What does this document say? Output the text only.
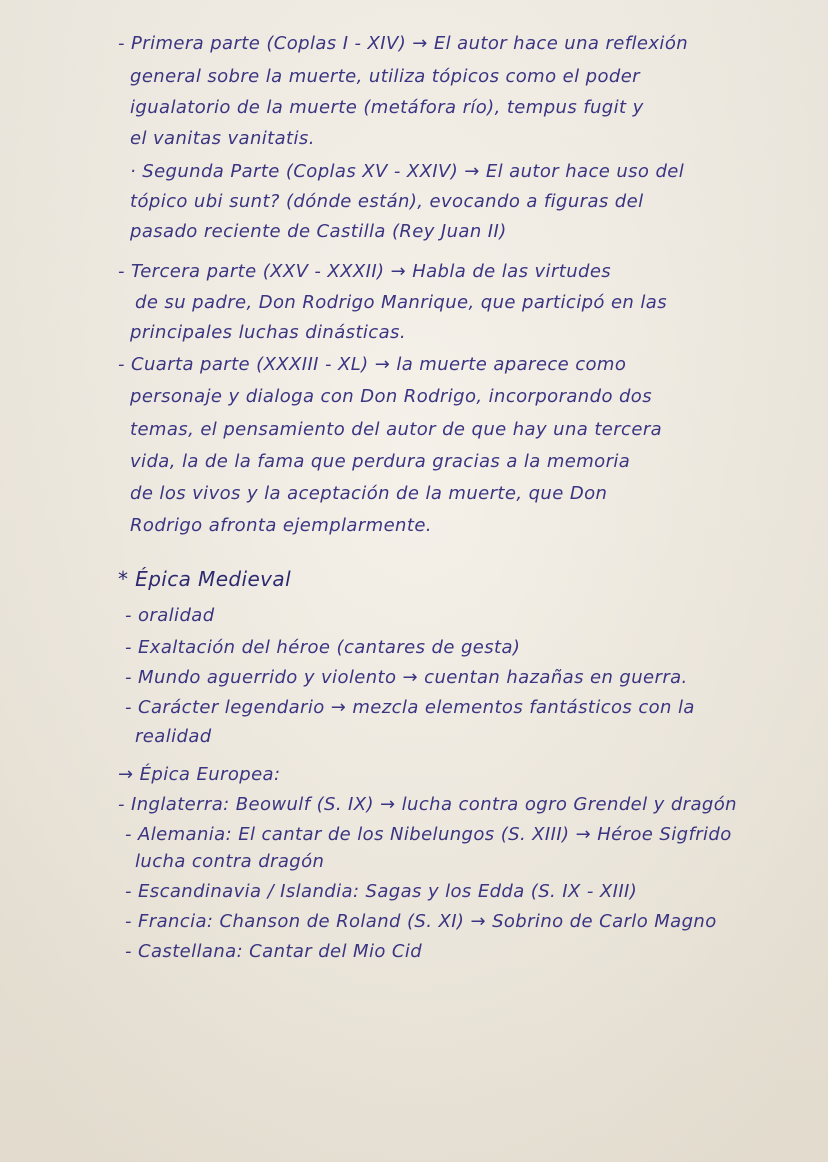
- Primera parte (Coplas I - XIV) → El autor hace una reflexión
general sobre la muerte, utiliza tópicos como el poder
igualatorio de la muerte (metáfora río), tempus fugit y
el vanitas vanitatis.
· Segunda Parte (Coplas XV - XXIV) → El autor hace uso del
tópico ubi sunt? (dónde están), evocando a figuras del
pasado reciente de Castilla (Rey Juan II)
- Tercera parte (XXV - XXXII) → Habla de las virtudes
de su padre, Don Rodrigo Manrique, que participó en las
principales luchas dinásticas.
- Cuarta parte (XXXIII - XL) → la muerte aparece como
personaje y dialoga con Don Rodrigo, incorporando dos
temas, el pensamiento del autor de que hay una tercera
vida, la de la fama que perdura gracias a la memoria
de los vivos y la aceptación de la muerte, que Don
Rodrigo afronta ejemplarmente.
* Épica Medieval
- oralidad
- Exaltación del héroe (cantares de gesta)
- Mundo aguerrido y violento → cuentan hazañas en guerra.
- Carácter legendario → mezcla elementos fantásticos con la
realidad
→ Épica Europea:
- Inglaterra: Beowulf (S. IX) → lucha contra ogro Grendel y dragón
- Alemania: El cantar de los Nibelungos (S. XIII) → Héroe Sigfrido
lucha contra dragón
- Escandinavia / Islandia: Sagas y los Edda (S. IX - XIII)
- Francia: Chanson de Roland (S. XI) → Sobrino de Carlo Magno
- Castellana: Cantar del Mio Cid
